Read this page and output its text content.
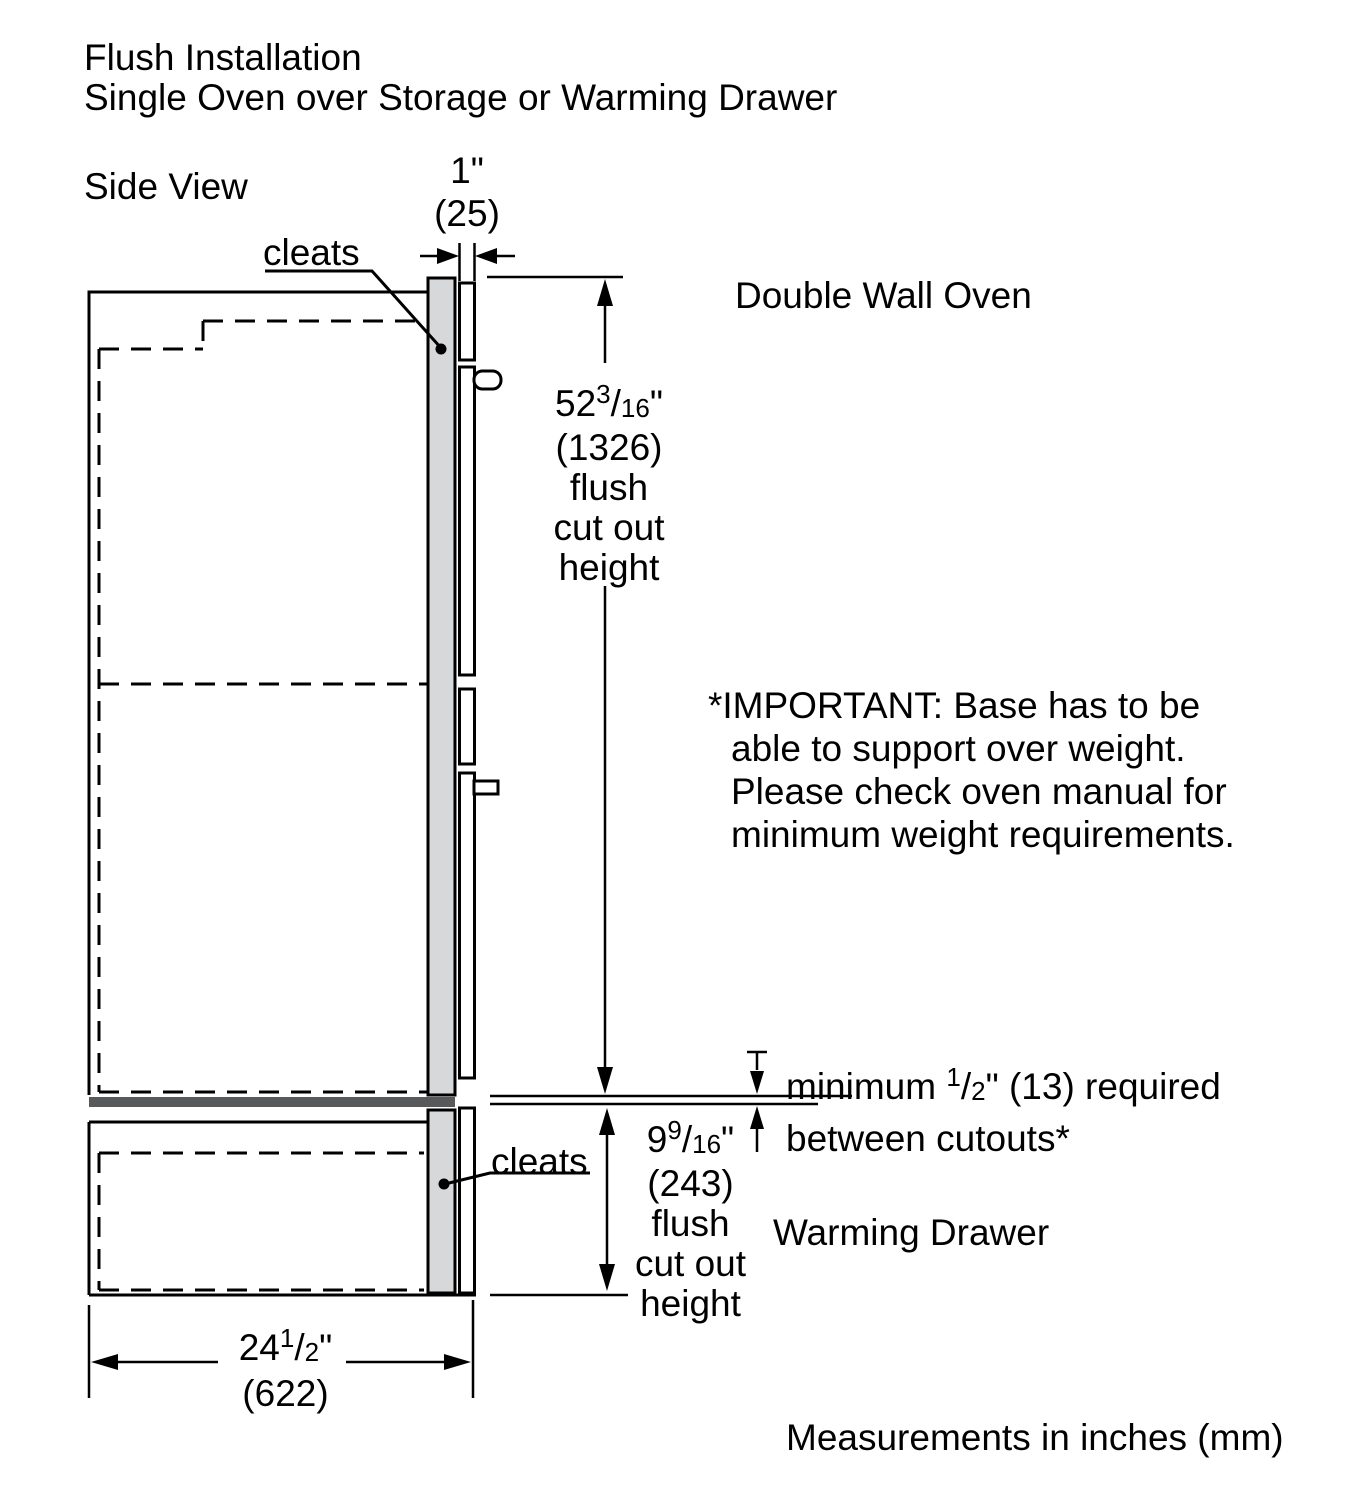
Flush Installation
Single Oven over Storage or Warming Drawer
Side View	1"
(25)
cleats
Double Wall Oven
$52^3/16$"
(1326)
flush
cut out
height
*IMPORTANT: Base has to be
able to support over weight.
Please check oven manual for
minimum weight requirements.
minimum $^1$/2" (13) required
between cutouts*
cleats
$9^9/16$"
(243)
flush
cut out
height
Warming Drawer
$24^1/2$"
(622)
Measurements in inches (mm)
